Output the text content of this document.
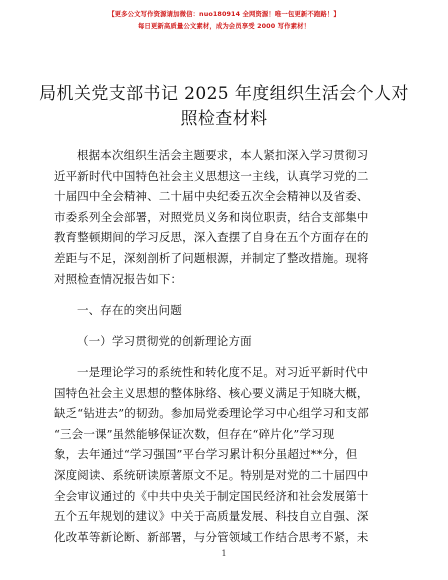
【更多公文写作资源请加微信：nuo180914 全网资源！唯一包更新不跑路！】
每日更新高质量公文素材，成为会员享受 2000 写作素材！
局机关党支部书记 2025 年度组织生活会个人对
照检查材料
根据本次组织生活会主题要求，本人紧扣深入学习贯彻习
近平新时代中国特色社会主义思想这一主线，认真学习党的二
十届四中全会精神、二十届中央纪委五次全会精神以及省委、
市委系列全会部署，对照党员义务和岗位职责，结合支部集中
教育整顿期间的学习反思，深入查摆了自身在五个方面存在的
差距与不足，深刻剖析了问题根源，并制定了整改措施。现将
对照检查情况报告如下：
一、存在的突出问题
（一）学习贯彻党的创新理论方面
一是理论学习的系统性和转化度不足。对习近平新时代中
国特色社会主义思想的整体脉络、核心要义满足于知晓大概，
缺乏“钻进去”的韧劲。参加局党委理论学习中心组学习和支部
“三会一课”虽然能够保证次数，但存在“碎片化”学习现
象，去年通过“学习强国”平台学习累计积分虽超过**分，但
深度阅读、系统研读原著原文不足。特别是对党的二十届四中
全会审议通过的《中共中央关于制定国民经济和社会发展第十
五个五年规划的建议》中关于高质量发展、科技自立自强、深
化改革等新论断、新部署，与分管领域工作结合思考不紧，未
1
